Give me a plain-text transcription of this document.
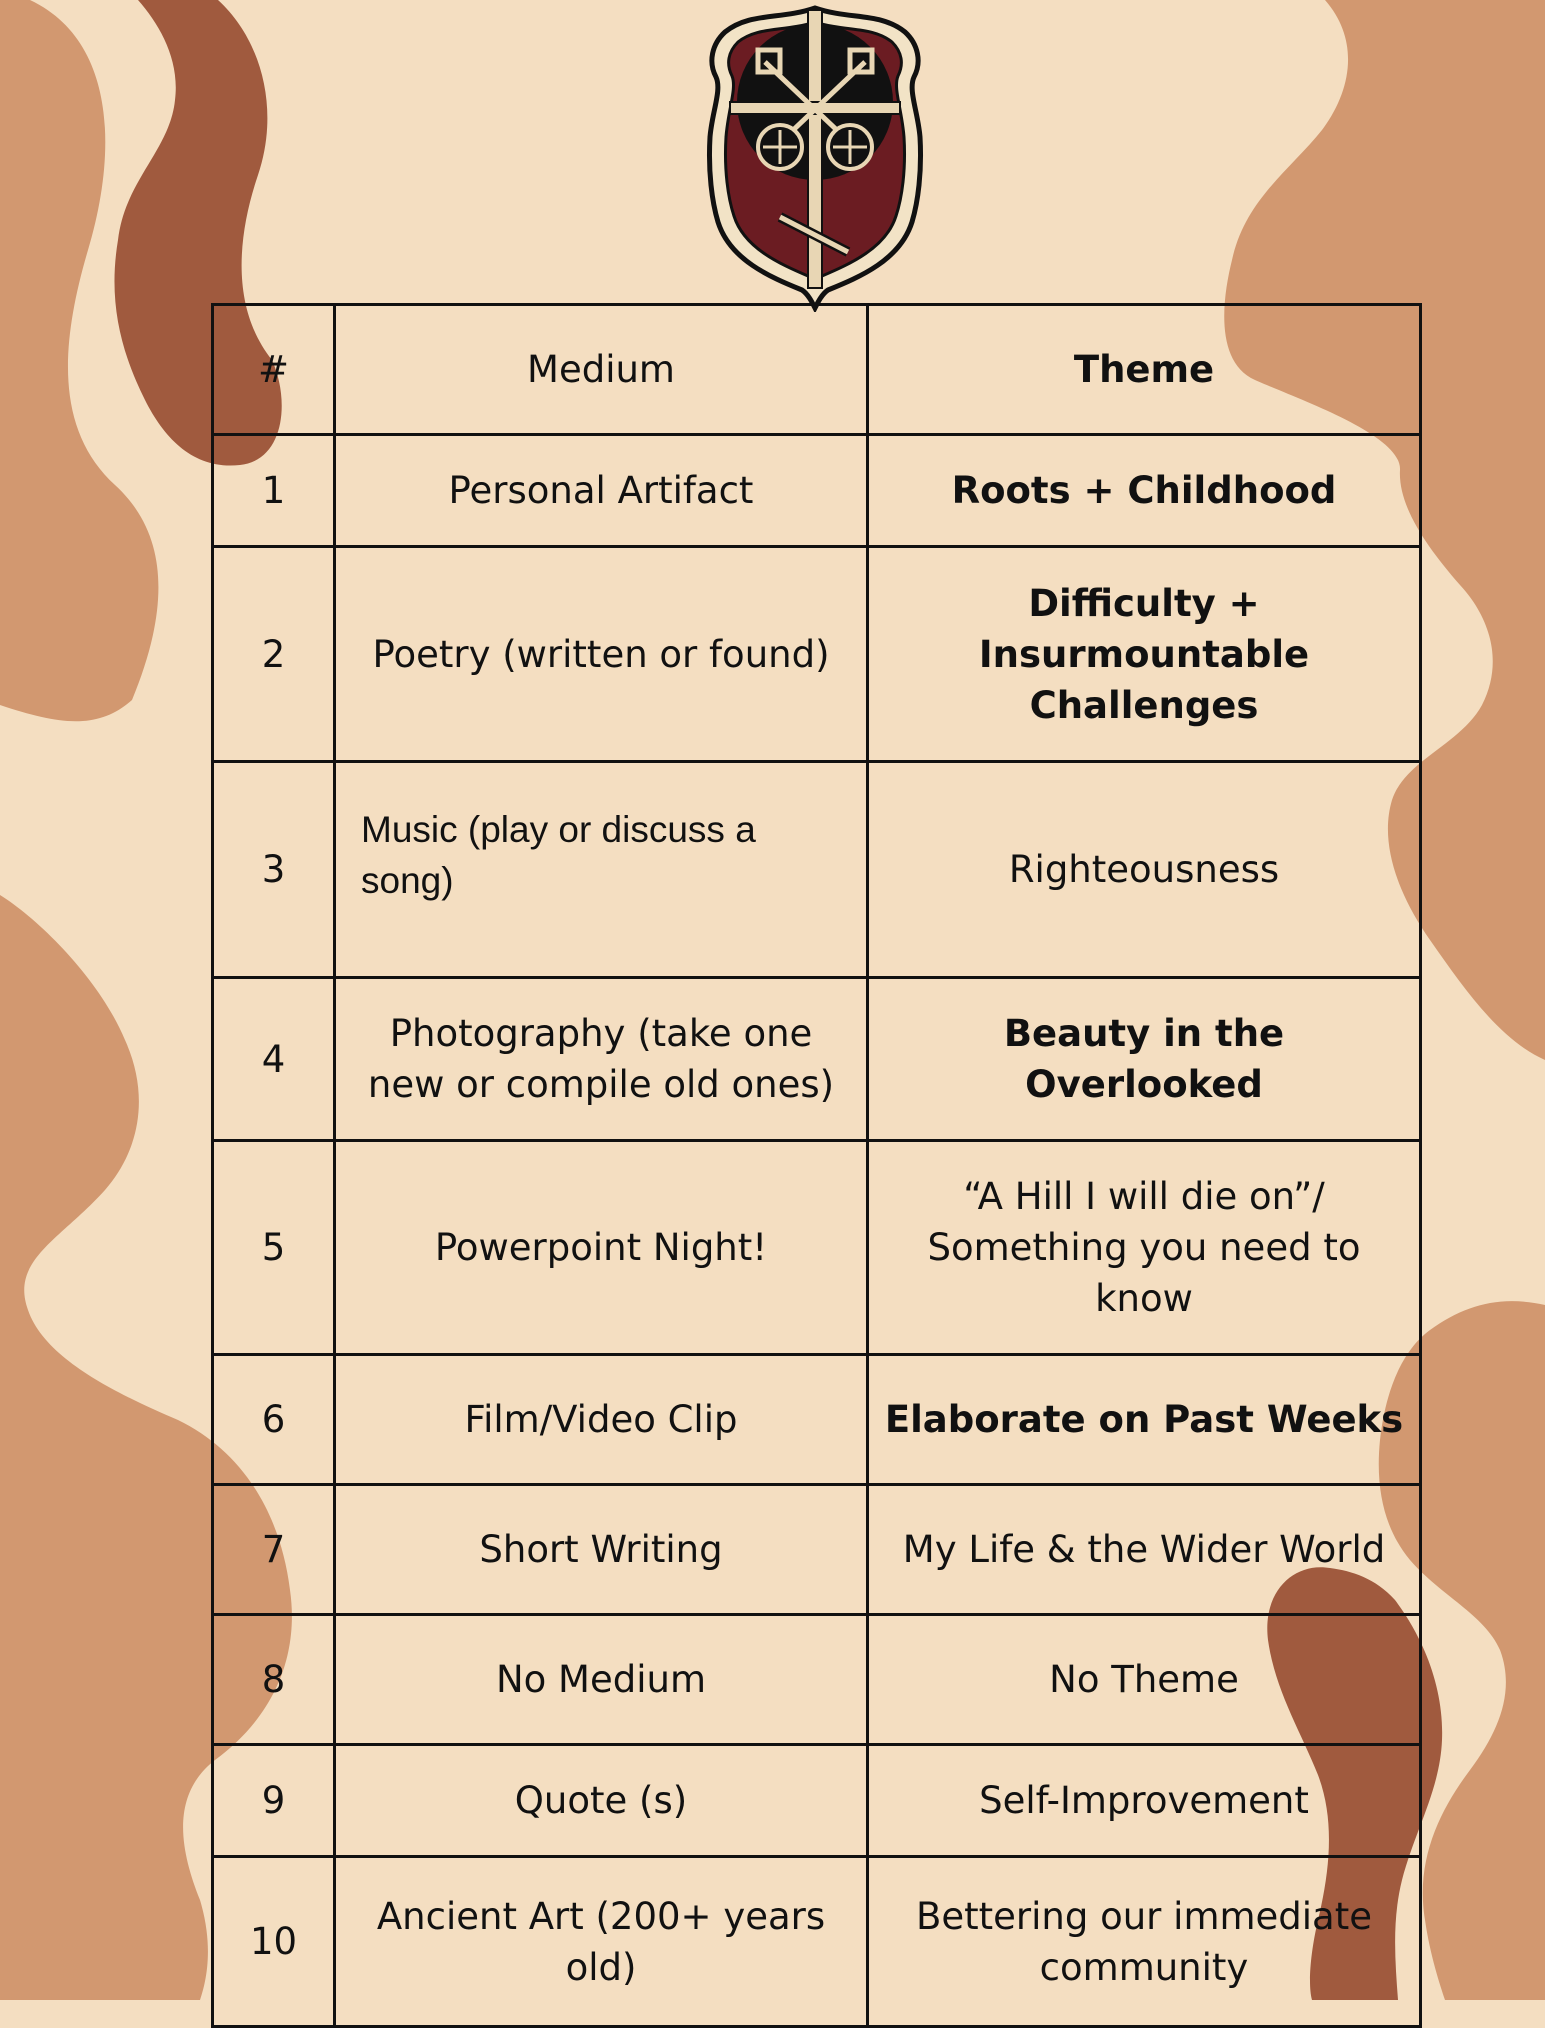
#	Medium	Theme
1	Personal Artifact	Roots + Childhood
2	Poetry (written or found)	Difficulty + Insurmountable Challenges
3	Music (play or discuss a song)	Righteousness
4	Photography (take one new or compile old ones)	Beauty in the Overlooked
5	Powerpoint Night!	“A Hill I will die on”/ Something you need to know
6	Film/Video Clip	Elaborate on Past Weeks
7	Short Writing	My Life & the Wider World
8	No Medium	No Theme
9	Quote (s)	Self-Improvement
10	Ancient Art (200+ years old)	Bettering our immediate community
